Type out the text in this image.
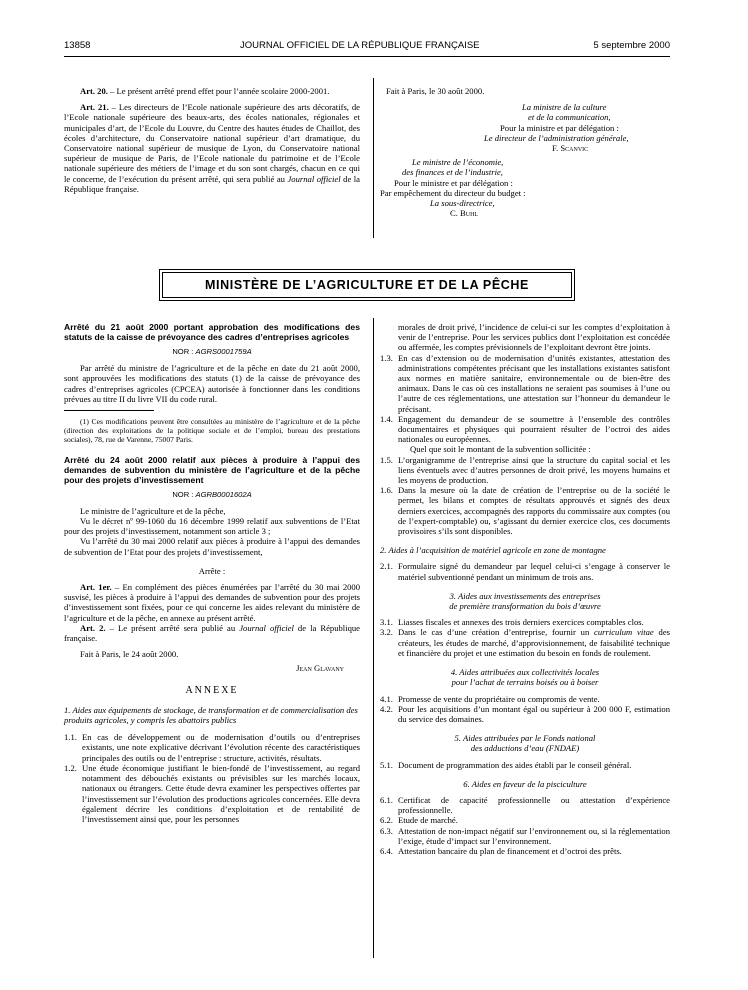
13858	JOURNAL OFFICIEL DE LA RÉPUBLIQUE FRANÇAISE	5 septembre 2000

Art. 20. – Le présent arrêté prend effet pour l’année scolaire 2000-2001.

Art. 21. – Les directeurs de l’Ecole nationale supérieure des arts décoratifs, de l’Ecole nationale supérieure des beaux-arts, des écoles nationales, régionales et municipales d’art, de l’Ecole du Louvre, du Centre des hautes études de Chaillot, des écoles d’architecture, du Conservatoire national supérieur d’art dramatique, du Conservatoire national supérieur de musique de Lyon, du Conservatoire national supérieur de musique de Paris, de l’Ecole nationale du patrimoine et de l’Ecole nationale supérieure des métiers de l’image et du son sont chargés, chacun en ce qui le concerne, de l’exécution du présent arrêté, qui sera publié au Journal officiel de la République française.

Fait à Paris, le 30 août 2000.

La ministre de la culture

et de la communication,

Pour la ministre et par délégation :

Le directeur de l’administration générale,

F. Scanvic

Le ministre de l’économie,

des finances et de l’industrie,

Pour le ministre et par délégation :

Par empêchement du directeur du budget :

La sous-directrice,

C. Buhl

MINISTÈRE DE L’AGRICULTURE ET DE LA PÊCHE
Arrêté du 21 août 2000 portant approbation des modifications des statuts de la caisse de prévoyance des cadres d’entreprises agricoles
NOR : AGRS0001759A

Par arrêté du ministre de l’agriculture et de la pêche en date du 21 août 2000, sont approuvées les modifications des statuts (1) de la caisse de prévoyance des cadres d’entreprises agricoles (CPCEA) autorisée à fonctionner dans les conditions prévues au titre II du livre VII du code rural.

(1) Ces modifications peuvent être consultées au ministère de l’agriculture et de la pêche (direction des exploitations de la politique sociale et de l’emploi, bureau des prestations sociales), 78, rue de Varenne, 75007 Paris.

Arrêté du 24 août 2000 relatif aux pièces à produire à l’appui des demandes de subvention du ministère de l’agriculture et de la pêche pour des projets d’investissement
NOR : AGRB0001602A

Le ministre de l’agriculture et de la pêche,

Vu le décret nº 99-1060 du 16 décembre 1999 relatif aux subventions de l’Etat pour des projets d’investissement, notamment son article 3 ;

Vu l’arrêté du 30 mai 2000 relatif aux pièces à produire à l’appui des demandes de subvention de l’Etat pour des projets d’investissement,

Arrête :

Art. 1er. – En complément des pièces énumérées par l’arrêté du 30 mai 2000 susvisé, les pièces à produire à l’appui des demandes de subvention pour des projets d’investissement sont fixées, pour ce qui concerne les aides relevant du ministère de l’agriculture et de la pêche, en annexe au présent arrêté.

Art. 2. – Le présent arrêté sera publié au Journal officiel de la République française.

Fait à Paris, le 24 août 2000.

Jean Glavany

ANNEXE

1. Aides aux équipements de stockage, de transformation et de commercialisation des produits agricoles, y compris les abattoirs publics

1.1. En cas de développement ou de modernisation d’outils ou d’entreprises existants, une note explicative décrivant l’évolution récente des caractéristiques principales des outils ou de l’entreprise : structure, activités, résultats.
1.2. Une étude économique justifiant le bien-fondé de l’investissement, au regard notamment des débouchés existants ou prévisibles sur les marchés locaux, nationaux ou étrangers. Cette étude devra examiner les perspectives offertes par l’investissement sur l’évolution des productions agricoles concernées. Elle devra également décrire les conditions d’exploitation et de rentabilité de l’investissement ainsi que, pour les personnes
morales de droit privé, l’incidence de celui-ci sur les comptes d’exploitation à venir de l’entreprise. Pour les services publics dont l’exploitation est concédée ou affermée, les comptes prévisionnels de l’exploitant devront être joints.
1.3. En cas d’extension ou de modernisation d’unités existantes, attestation des administrations compétentes précisant que les installations existantes satisfont aux normes en matière sanitaire, environnementale ou de bien-être des animaux. Dans le cas où ces installations ne seraient pas soumises à l’une ou l’autre de ces réglementations, une attestation sur l’honneur du demandeur le précisant.
1.4. Engagement du demandeur de se soumettre à l’ensemble des contrôles documentaires et physiques qui pourraient résulter de l’octroi des aides nationales ou européennes.

Quel que soit le montant de la subvention sollicitée :

1.5. L’organigramme de l’entreprise ainsi que la structure du capital social et les liens éventuels avec d’autres personnes de droit privé, les moyens humains et les moyens de production.
1.6. Dans la mesure où la date de création de l’entreprise ou de la société le permet, les bilans et comptes de résultats approuvés et signés des deux derniers exercices, accompagnés des rapports du commissaire aux comptes (ou de l’expert-comptable) ou, s’agissant du dernier exercice clos, ces documents provisoires s’ils sont disponibles.

2. Aides à l’acquisition de matériel agricole en zone de montagne

2.1. Formulaire signé du demandeur par lequel celui-ci s’engage à conserver le matériel subventionné pendant un minimum de trois ans.
3. Aides aux investissements des entreprises
de première transformation du bois d’œuvre
3.1. Liasses fiscales et annexes des trois derniers exercices comptables clos.
3.2. Dans le cas d’une création d’entreprise, fournir un curriculum vitae des créateurs, les études de marché, d’approvisionnement, de faisabilité technique et financière du projet et une estimation du besoin en fonds de roulement.
4. Aides attribuées aux collectivités locales
pour l’achat de terrains boisés ou à boiser
4.1. Promesse de vente du propriétaire ou compromis de vente.
4.2. Pour les acquisitions d’un montant égal ou supérieur à 200 000 F, estimation du service des domaines.
5. Aides attribuées par le Fonds national
des adductions d’eau (FNDAE)
5.1. Document de programmation des aides établi par le conseil général.
6. Aides en faveur de la pisciculture
6.1. Certificat de capacité professionnelle ou attestation d’expérience professionnelle.
6.2. Etude de marché.
6.3. Attestation de non-impact négatif sur l’environnement ou, si la réglementation l’exige, étude d’impact sur l’environnement.
6.4. Attestation bancaire du plan de financement et d’octroi des prêts.
